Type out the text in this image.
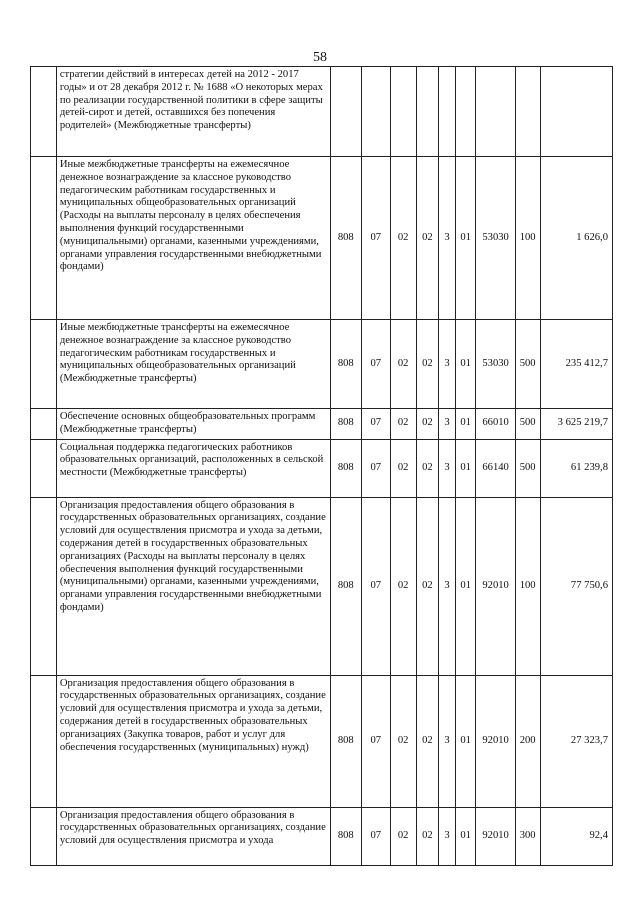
58
	стратегии действий в интересах детей на 2012 - 2017 годы» и от 28 декабря 2012 г. № 1688 «О некоторых мерах по реализации государственной политики в сфере защиты детей-сирот и детей, оставшихся без попечения родителей» (Межбюджетные трансферты)									
	Иные межбюджетные трансферты на ежемесячное денежное вознаграждение за классное руководство педагогическим работникам государственных и муниципальных общеобразовательных организаций (Расходы на выплаты персоналу в целях обеспечения выполнения функций государственными (муниципальными) органами, казенными учреждениями, органами управления государственными внебюджетными фондами)	808	07	02	02	3	01	53030	100	1 626,0
	Иные межбюджетные трансферты на ежемесячное денежное вознаграждение за классное руководство педагогическим работникам государственных и муниципальных общеобразовательных организаций (Межбюджетные трансферты)	808	07	02	02	3	01	53030	500	235 412,7
	Обеспечение основных общеобразовательных программ (Межбюджетные трансферты)	808	07	02	02	3	01	66010	500	3 625 219,7
	Социальная поддержка педагогических работников образовательных организаций, расположенных в сельской местности (Межбюджетные трансферты)	808	07	02	02	3	01	66140	500	61 239,8
	Организация предоставления общего образования в государственных образовательных организациях, создание условий для осуществления присмотра и ухода за детьми, содержания детей в государственных образовательных организациях (Расходы на выплаты персоналу в целях обеспечения выполнения функций государственными (муниципальными) органами, казенными учреждениями, органами управления государственными внебюджетными фондами)	808	07	02	02	3	01	92010	100	77 750,6
	Организация предоставления общего образования в государственных образовательных организациях, создание условий для осуществления присмотра и ухода за детьми, содержания детей в государственных образовательных организациях (Закупка товаров, работ и услуг для обеспечения государственных (муниципальных) нужд)	808	07	02	02	3	01	92010	200	27 323,7
	Организация предоставления общего образования в государственных образовательных организациях, создание условий для осуществления присмотра и ухода	808	07	02	02	3	01	92010	300	92,4
